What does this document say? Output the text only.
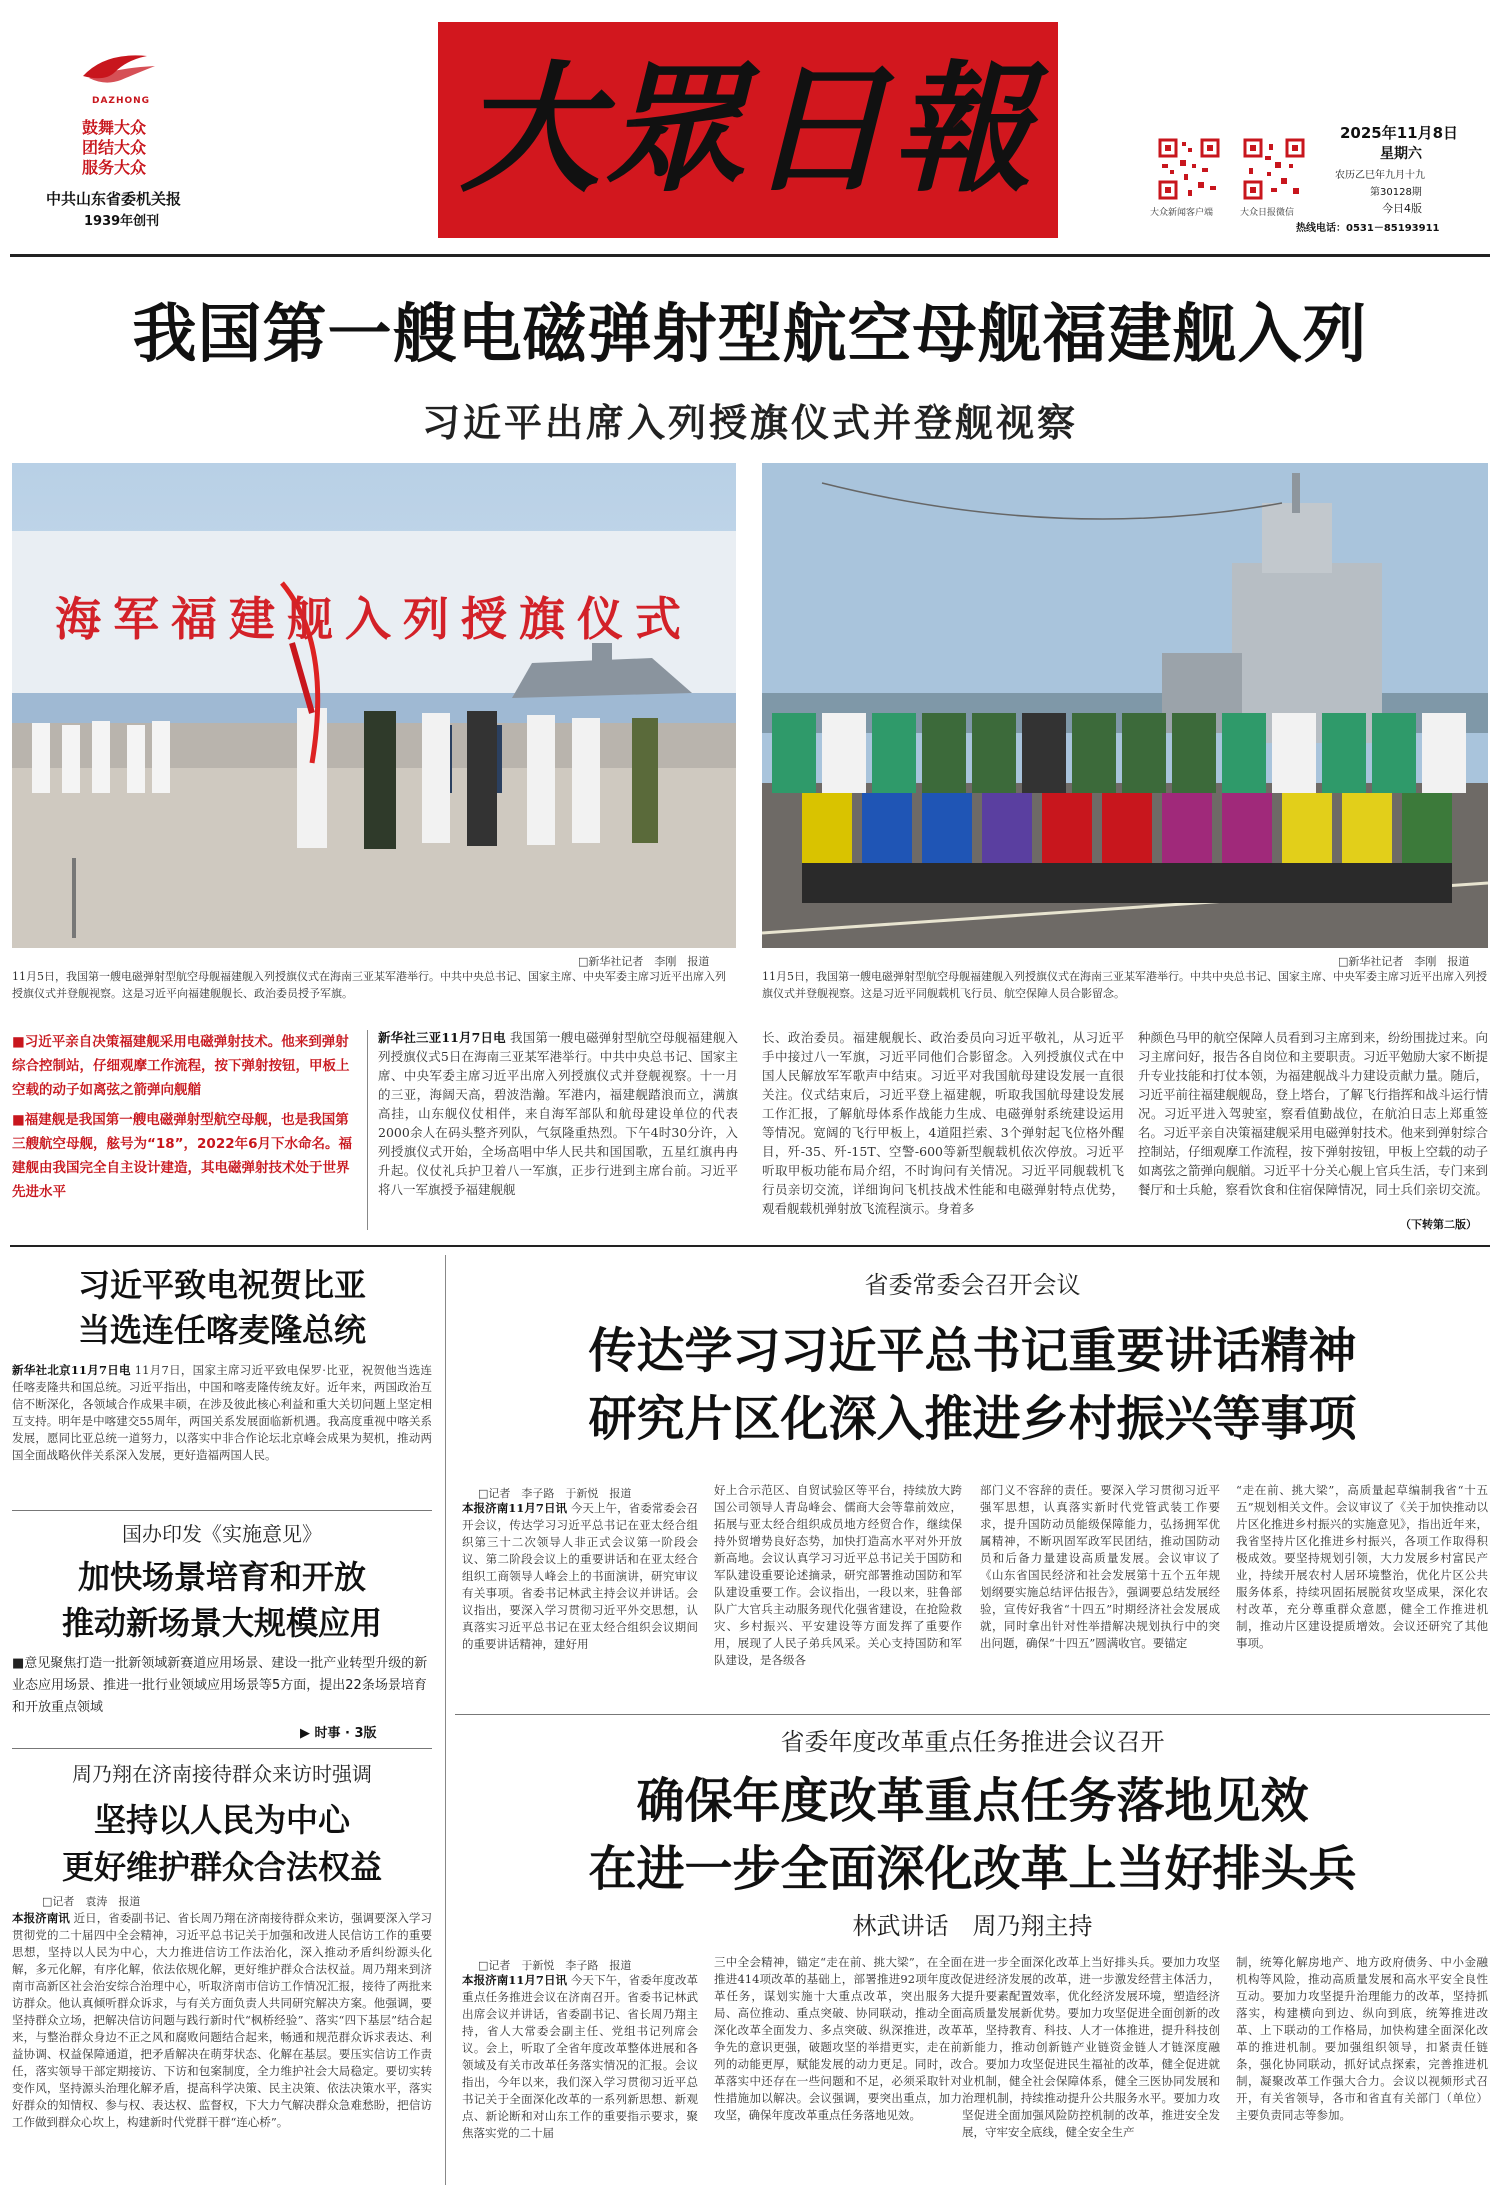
DAZHONG
鼓舞大众
团结大众
服务大众
中共山东省委机关报
1939年创刊
大眾日報
大众新闻客户端	大众日报微信
2025年11月8日
星期六
农历乙巳年九月十九
第30128期
今日4版
热线电话：0531－85193911
我国第一艘电磁弹射型航空母舰福建舰入列
习近平出席入列授旗仪式并登舰视察
海军福建舰入列授旗仪式
□新华社记者　李刚　报道
11月5日，我国第一艘电磁弹射型航空母舰福建舰入列授旗仪式在海南三亚某军港举行。中共中央总书记、国家主席、中央军委主席习近平出席入列授旗仪式并登舰视察。这是习近平向福建舰舰长、政治委员授予军旗。
□新华社记者　李刚　报道
11月5日，我国第一艘电磁弹射型航空母舰福建舰入列授旗仪式在海南三亚某军港举行。中共中央总书记、国家主席、中央军委主席习近平出席入列授旗仪式并登舰视察。这是习近平同舰载机飞行员、航空保障人员合影留念。
■习近平亲自决策福建舰采用电磁弹射技术。他来到弹射综合控制站，仔细观摩工作流程，按下弹射按钮，甲板上空载的动子如离弦之箭弹向舰艏
■福建舰是我国第一艘电磁弹射型航空母舰，也是我国第三艘航空母舰，舷号为“18”，2022年6月下水命名。福建舰由我国完全自主设计建造，其电磁弹射技术处于世界先进水平
新华社三亚11月7日电 我国第一艘电磁弹射型航空母舰福建舰入列授旗仪式5日在海南三亚某军港举行。中共中央总书记、国家主席、中央军委主席习近平出席入列授旗仪式并登舰视察。十一月的三亚，海阔天高，碧波浩瀚。军港内，福建舰踏浪而立，满旗高挂，山东舰仪仗相伴，来自海军部队和航母建设单位的代表2000余人在码头整齐列队，气氛隆重热烈。下午4时30分许，入列授旗仪式开始，全场高唱中华人民共和国国歌，五星红旗冉冉升起。仪仗礼兵护卫着八一军旗，正步行进到主席台前。习近平将八一军旗授予福建舰舰
长、政治委员。福建舰舰长、政治委员向习近平敬礼，从习近平手中接过八一军旗，习近平同他们合影留念。入列授旗仪式在中国人民解放军军歌声中结束。习近平对我国航母建设发展一直很关注。仪式结束后，习近平登上福建舰，听取我国航母建设发展工作汇报，了解航母体系作战能力生成、电磁弹射系统建设运用等情况。宽阔的飞行甲板上，4道阻拦索、3个弹射起飞位格外醒目，歼-35、歼-15T、空警-600等新型舰载机依次停放。习近平听取甲板功能布局介绍，不时询问有关情况。习近平同舰载机飞行员亲切交流，详细询问飞机技战术性能和电磁弹射特点优势，观看舰载机弹射放飞流程演示。身着多
种颜色马甲的航空保障人员看到习主席到来，纷纷围拢过来。向习主席问好，报告各自岗位和主要职责。习近平勉励大家不断提升专业技能和打仗本领，为福建舰战斗力建设贡献力量。随后，习近平前往福建舰舰岛，登上塔台，了解飞行指挥和战斗运行情况。习近平进入驾驶室，察看值勤战位，在航泊日志上郑重签名。习近平亲自决策福建舰采用电磁弹射技术。他来到弹射综合控制站，仔细观摩工作流程，按下弹射按钮，甲板上空载的动子如离弦之箭弹向舰艏。习近平十分关心舰上官兵生活，专门来到餐厅和士兵舱，察看饮食和住宿保障情况，同士兵们亲切交流。
（下转第二版）
习近平致电祝贺比亚
当选连任喀麦隆总统
新华社北京11月7日电 11月7日，国家主席习近平致电保罗·比亚，祝贺他当选连任喀麦隆共和国总统。习近平指出，中国和喀麦隆传统友好。近年来，两国政治互信不断深化，各领域合作成果丰硕，在涉及彼此核心利益和重大关切问题上坚定相互支持。明年是中喀建交55周年，两国关系发展面临新机遇。我高度重视中喀关系发展，愿同比亚总统一道努力，以落实中非合作论坛北京峰会成果为契机，推动两国全面战略伙伴关系深入发展，更好造福两国人民。
国办印发《实施意见》
加快场景培育和开放
推动新场景大规模应用
■意见聚焦打造一批新领域新赛道应用场景、建设一批产业转型升级的新业态应用场景、推进一批行业领域应用场景等5方面，提出22条场景培育和开放重点领域
▶ 时事 · 3版
周乃翔在济南接待群众来访时强调
坚持以人民为中心
更好维护群众合法权益
□记者　袁涛　报道
本报济南讯 近日，省委副书记、省长周乃翔在济南接待群众来访，强调要深入学习贯彻党的二十届四中全会精神，习近平总书记关于加强和改进人民信访工作的重要思想，坚持以人民为中心，大力推进信访工作法治化，深入推动矛盾纠纷源头化解，多元化解，有序化解，依法依规化解，更好维护群众合法权益。周乃翔来到济南市高新区社会治安综合治理中心，听取济南市信访工作情况汇报，接待了两批来访群众。他认真倾听群众诉求，与有关方面负责人共同研究解决方案。他强调，要坚持群众立场，把解决信访问题与践行新时代“枫桥经验”、落实“四下基层”结合起来，与整治群众身边不正之风和腐败问题结合起来，畅通和规范群众诉求表达、利益协调、权益保障通道，把矛盾解决在萌芽状态、化解在基层。要压实信访工作责任，落实领导干部定期接访、下访和包案制度，全力维护社会大局稳定。要切实转变作风，坚持源头治理化解矛盾，提高科学决策、民主决策、依法决策水平，落实好群众的知情权、参与权、表达权、监督权，下大力气解决群众急难愁盼，把信访工作做到群众心坎上，构建新时代党群干群“连心桥”。
省委常委会召开会议
传达学习习近平总书记重要讲话精神
研究片区化深入推进乡村振兴等事项
□记者　李子路　于新悦　报道
本报济南11月7日讯 今天上午，省委常委会召开会议，传达学习习近平总书记在亚太经合组织第三十二次领导人非正式会议第一阶段会议、第二阶段会议上的重要讲话和在亚太经合组织工商领导人峰会上的书面演讲，研究审议有关事项。省委书记林武主持会议并讲话。会议指出，要深入学习贯彻习近平外交思想，认真落实习近平总书记在亚太经合组织会议期间的重要讲话精神，建好用
好上合示范区、自贸试验区等平台，持续放大跨国公司领导人青岛峰会、儒商大会等靠前效应，拓展与亚太经合组织成员地方经贸合作，继续保持外贸增势良好态势，加快打造高水平对外开放新高地。会议认真学习习近平总书记关于国防和军队建设重要论述摘录，研究部署推动国防和军队建设重要工作。会议指出，一段以来，驻鲁部队广大官兵主动服务现代化强省建设，在抢险救灾、乡村振兴、平安建设等方面发挥了重要作用，展现了人民子弟兵风采。关心支持国防和军队建设，是各级各
部门义不容辞的责任。要深入学习贯彻习近平强军思想，认真落实新时代党管武装工作要求，提升国防动员能级保障能力，弘扬拥军优属精神，不断巩固军政军民团结，推动国防动员和后备力量建设高质量发展。会议审议了《山东省国民经济和社会发展第十五个五年规划纲要实施总结评估报告》，强调要总结发展经验，宣传好我省“十四五”时期经济社会发展成就，同时拿出针对性举措解决规划执行中的突出问题，确保“十四五”圆满收官。要锚定
“走在前、挑大梁”，高质量起草编制我省“十五五”规划相关文件。会议审议了《关于加快推动以片区化推进乡村振兴的实施意见》，指出近年来，我省坚持片区化推进乡村振兴，各项工作取得积极成效。要坚持规划引领，大力发展乡村富民产业，持续开展农村人居环境整治，优化片区公共服务体系，持续巩固拓展脱贫攻坚成果，深化农村改革，充分尊重群众意愿，健全工作推进机制，推动片区建设提质增效。会议还研究了其他事项。
省委年度改革重点任务推进会议召开
确保年度改革重点任务落地见效
在进一步全面深化改革上当好排头兵
林武讲话　周乃翔主持
□记者　于新悦　李子路　报道
本报济南11月7日讯 今天下午，省委年度改革重点任务推进会议在济南召开。省委书记林武出席会议并讲话，省委副书记、省长周乃翔主持，省人大常委会副主任、党组书记列席会议。会上，听取了全省年度改革整体进展和各领域及有关市改革任务落实情况的汇报。会议指出，今年以来，我们深入学习贯彻习近平总书记关于全面深化改革的一系列新思想、新观点、新论断和对山东工作的重要指示要求，聚焦落实党的二十届
三中全会精神，锚定“走在前、挑大梁”，在全面推进414项改革的基础上，部署推进92项年度改革任务，谋划实施十大重点改革，突出服务大局、高位推动、重点突破、协同联动，推动全面深化改革全面发力、多点突破、纵深推进，改革争先的意识更强，破题攻坚的举措更实，走在前列的动能更厚，赋能发展的动力更足。同时，改革落实中还存在一些问题和不足，必须采取针对性措施加以解决。会议强调，要突出重点，加力攻坚，确保年度改革重点任务落地见效。
在进一步全面深化改革上当好排头兵。要加力攻坚促进经济发展的改革，进一步激发经营主体活力，提升要素配置效率，优化经济发展环境，塑造经济高质量发展新优势。要加力攻坚促进全面创新的改革，坚持教育、科技、人才一体推进，提升科技创新能力，推动创新链产业链资金链人才链深度融合。要加力攻坚促进民生福祉的改革，健全促进就业机制，健全社会保障体系，健全三医协同发展和治理机制，持续推动提升公共服务水平。要加力攻坚促进全面加强风险防控机制的改革，推进安全发展，守牢安全底线，健全安全生产
制，统筹化解房地产、地方政府债务、中小金融机构等风险，推动高质量发展和高水平安全良性互动。要加力攻坚提升治理能力的改革，坚持抓落实，构建横向到边、纵向到底，统筹推进改革、上下联动的工作格局，加快构建全面深化改革的推进机制。要加强组织领导，扣紧责任链条，强化协同联动，抓好试点探索，完善推进机制，凝聚改革工作强大合力。会议以视频形式召开，有关省领导，各市和省直有关部门（单位）主要负责同志等参加。
